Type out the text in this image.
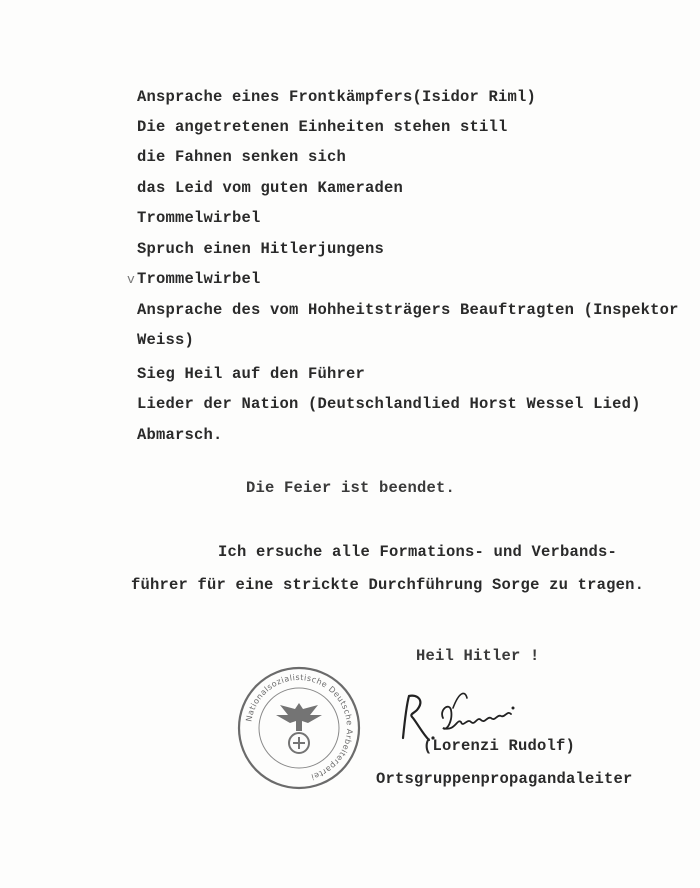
Ansprache eines Frontkämpfers(Isidor Riml)
Die angetretenen Einheiten stehen still
die Fahnen senken sich
das Leid vom guten Kameraden
Trommelwirbel
Spruch einen Hitlerjungens
v Trommelwirbel
Ansprache des vom Hohheitsträgers Beauftragten (Inspektor
Weiss)
Sieg Heil auf den Führer
Lieder der Nation (Deutschlandlied Horst Wessel Lied)
Abmarsch.
Die Feier ist beendet.
Ich ersuche alle Formations- und Verbands-
führer für eine strickte Durchführung Sorge zu tragen.
Heil Hitler !
Nationalsozialistische Deutsche Arbeiterpartei
(Lorenzi Rudolf)
Ortsgruppenpropagandaleiter
